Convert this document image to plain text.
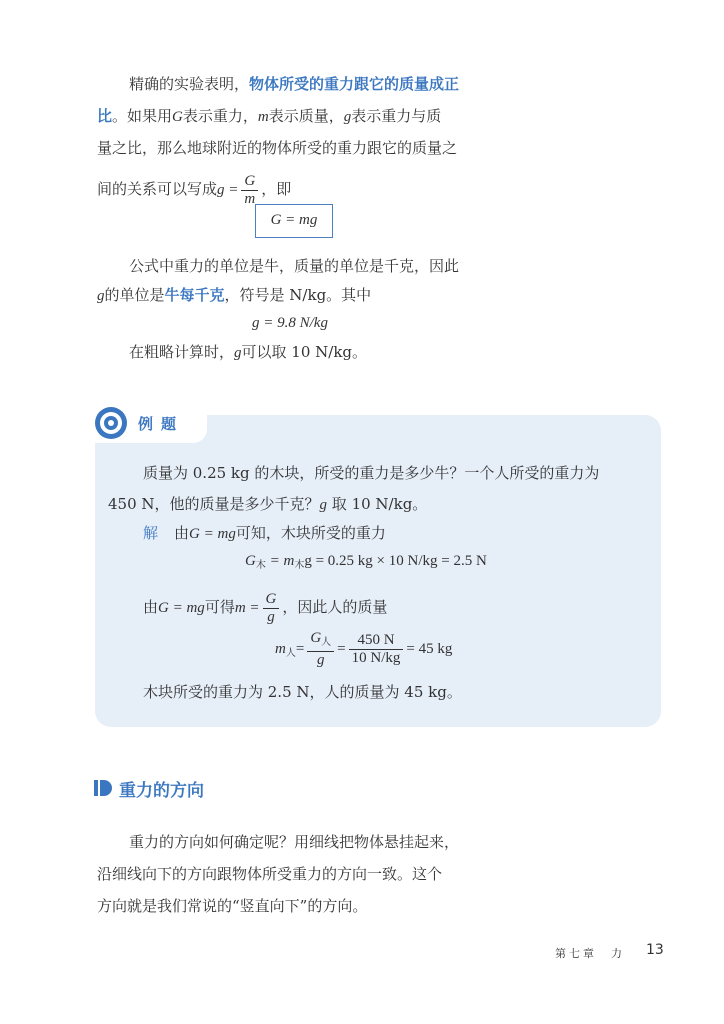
精确的实验表明，物体所受的重力跟它的质量成正
比。如果用G表示重力，m表示质量，g表示重力与质
量之比，那么地球附近的物体所受的重力跟它的质量之
间的关系可以写成$g = \frac{G}{m}$ ，即
G = mg
公式中重力的单位是牛，质量的单位是千克，因此
g的单位是牛每千克，符号是 N/kg。其中
g = 9.8 N/kg
在粗略计算时，g可以取 10 N/kg。
例题
质量为 0.25 kg 的木块，所受的重力是多少牛？一个人所受的重力为
450 N，他的质量是多少千克？g 取 10 N/kg。
解 由G = mg可知，木块所受的重力
$G_木 = m_木g = 0.25$ kg × 10 N/kg = 2.5 N
由G = mg可得$m = \frac{G}{g}$ ，因此人的质量
$m_人= \frac{G_人}{g} = \frac{450 N}{10 N/kg} = 45$ kg
木块所受的重力为 2.5 N，人的质量为 45 kg。
重力的方向
重力的方向如何确定呢？用细线把物体悬挂起来，
沿细线向下的方向跟物体所受重力的方向一致。这个
方向就是我们常说的“竖直向下”的方向。
第七章　力 13
